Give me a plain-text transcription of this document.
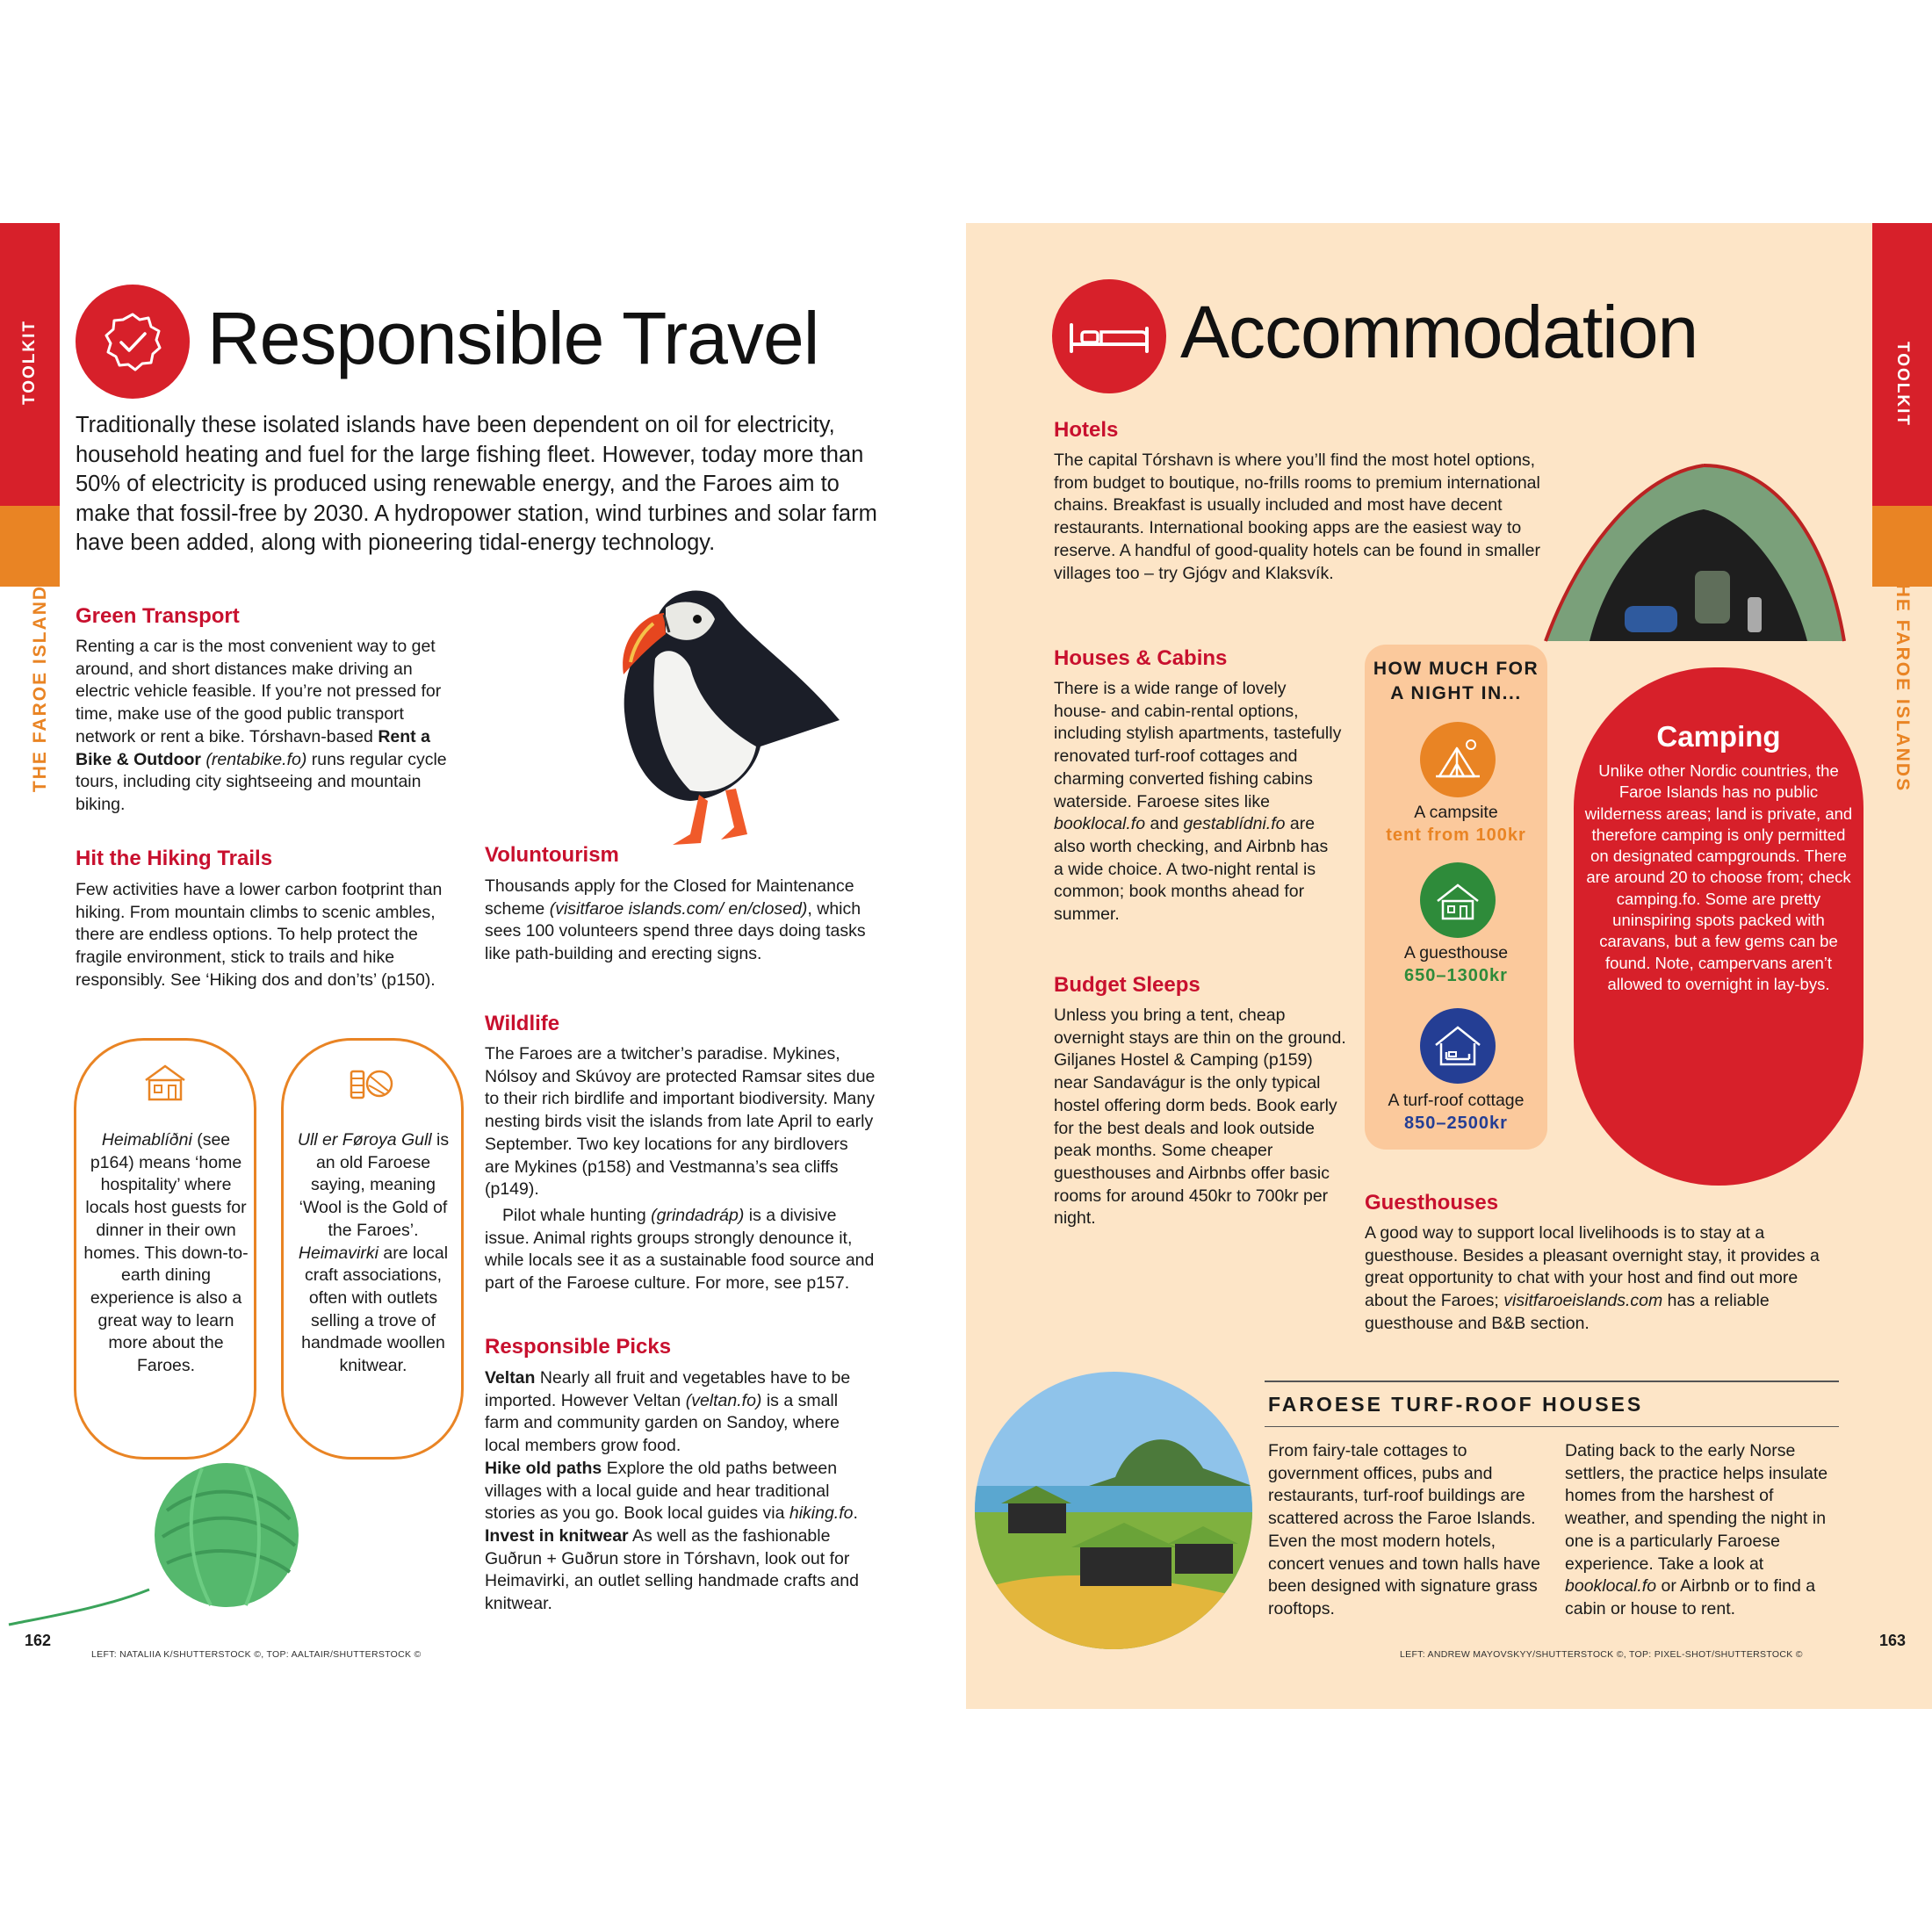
TOOLKIT
THE FAROE ISLANDS
Responsible Travel
Traditionally these isolated islands have been dependent on oil for electricity, household heating and fuel for the large fishing fleet. However, today more than 50% of electricity is produced using renewable energy, and the Faroes aim to make that fossil-free by 2030. A hydropower station, wind turbines and solar farm have been added, along with pioneering tidal-energy technology.
Green Transport
Renting a car is the most convenient way to get around, and short distances make driving an electric vehicle feasible. If you’re not pressed for time, make use of the good public transport network or rent a bike. Tórshavn-based Rent a Bike & Outdoor (rentabike.fo) runs regular cycle tours, including city sightseeing and mountain biking.
Hit the Hiking Trails
Few activities have a lower carbon footprint than hiking. From mountain climbs to scenic ambles, there are endless options. To help protect the fragile environment, stick to trails and hike responsibly. See ‘Hiking dos and don’ts’ (p150).
Voluntourism
Thousands apply for the Closed for Maintenance scheme (visitfaroe islands.com/ en/closed), which sees 100 volunteers spend three days doing tasks like path-building and erecting signs.
Wildlife
The Faroes are a twitcher’s paradise. Mykines, Nólsoy and Skúvoy are protected Ramsar sites due to their rich birdlife and important biodiversity. Many nesting birds visit the islands from late April to early September. Two key locations for any birdlovers are Mykines (p158) and Vestmanna’s sea cliffs (p149).
Pilot whale hunting (grindadráp) is a divisive issue. Animal rights groups strongly denounce it, while locals see it as a sustainable food source and part of the Faroese culture. For more, see p157.
Responsible Picks
Veltan Nearly all fruit and vegetables have to be imported. However Veltan (veltan.fo) is a small farm and community garden on Sandoy, where local members grow food.
Hike old paths Explore the old paths between villages with a local guide and hear traditional stories as you go. Book local guides via hiking.fo.
Invest in knitwear As well as the fashionable Guðrun + Guðrun store in Tórshavn, look out for Heimavirki, an outlet selling handmade crafts and knitwear.
Heimablíðni (see p164) means ‘home hospitality’ where locals host guests for dinner in their own homes. This down-to-earth dining experience is also a great way to learn more about the Faroes.
Ull er Føroya Gull is an old Faroese saying, meaning ‘Wool is the Gold of the Faroes’. Heimavirki are local craft associations, often with outlets selling a trove of handmade woollen knitwear.
162
LEFT: NATALIIA K/SHUTTERSTOCK ©, TOP: AALTAIR/SHUTTERSTOCK ©
TOOLKIT
THE FAROE ISLANDS
Accommodation
Hotels
The capital Tórshavn is where you’ll find the most hotel options, from budget to boutique, no-frills rooms to premium international chains. Breakfast is usually included and most have decent restaurants. International booking apps are the easiest way to reserve. A handful of good-quality hotels can be found in smaller villages too – try Gjógv and Klaksvík.
Houses & Cabins
There is a wide range of lovely house- and cabin-rental options, including stylish apartments, tastefully renovated turf-roof cottages and charming converted fishing cabins waterside. Faroese sites like booklocal.fo and gestablídni.fo are also worth checking, and Airbnb has a wide choice. A two-night rental is common; book months ahead for summer.
Budget Sleeps
Unless you bring a tent, cheap overnight stays are thin on the ground. Giljanes Hostel & Camping (p159) near Sandavágur is the only typical hostel offering dorm beds. Book early for the best deals and look outside peak months. Some cheaper guesthouses and Airbnbs offer basic rooms for around 450kr to 700kr per night.
HOW MUCH FOR A NIGHT IN...
A campsite
tent from 100kr
A guesthouse
650–1300kr
A turf-roof cottage
850–2500kr
Camping
Unlike other Nordic countries, the Faroe Islands has no public wilderness areas; land is private, and therefore camping is only permitted on designated campgrounds. There are around 20 to choose from; check camping.fo. Some are pretty uninspiring spots packed with caravans, but a few gems can be found. Note, campervans aren’t allowed to overnight in lay-bys.
Guesthouses
A good way to support local livelihoods is to stay at a guesthouse. Besides a pleasant overnight stay, it provides a great opportunity to chat with your host and find out more about the Faroes; visitfaroeislands.com has a reliable guesthouse and B&B section.
FAROESE TURF-ROOF HOUSES
From fairy-tale cottages to government offices, pubs and restaurants, turf-roof buildings are scattered across the Faroe Islands. Even the most modern hotels, concert venues and town halls have been designed with signature grass rooftops.
Dating back to the early Norse settlers, the practice helps insulate homes from the harshest of weather, and spending the night in one is a particularly Faroese experience. Take a look at booklocal.fo or Airbnb or to find a cabin or house to rent.
LEFT: ANDREW MAYOVSKYY/SHUTTERSTOCK ©, TOP: PIXEL-SHOT/SHUTTERSTOCK ©
163
